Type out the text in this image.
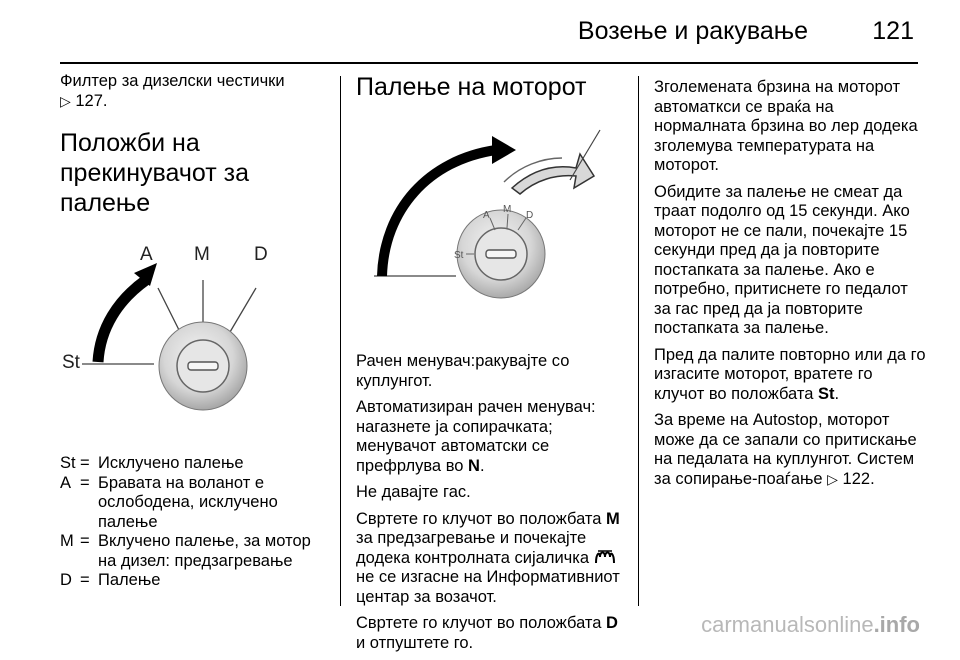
Возење и ракување	121

Филтер за дизелски честички
▷ 127.

Положби на прекинувачот за палење
A M D
St
St = Исклучено палење
A = Бравата на воланот е ослободена, исклучено палење
M = Вклучено палење, за мотор на дизел: предзагревање
D = Палење
Палење на моторот
A
M
D
St

Рачен менувач:ракувајте со куплунгот.

Автоматизиран рачен менувач: нагазнете ја сопирачката; менувачот автоматски се префрлува во N.

Не давајте гас.

Свртете го клучот во положбата M за предзагревање и почекајте додека контролната сијаличка  не се изгасне на Информативниот центар за возачот.

Свртете го клучот во положбата D и отпуштете го.

Зголемената брзина на моторот автоматкси се враќа на нормалната брзина во лер додека зголемува температурата на моторот.

Обидите за палење не смеат да траат подолго од 15 секунди. Ако моторот не се пали, почекајте 15 секунди пред да ја повторите постапката за палење. Ако е потребно, притиснете го педалот за гас пред да ја повторите постапката за палење.

Пред да палите повторно или да го изгасите моторот, вратете го клучот во положбата St.

За време на Autostop, моторот може да се запали со притискање на педалата на куплунгот. Систем за сопирање-поаѓање ▷ 122.

carmanualsonline.info
